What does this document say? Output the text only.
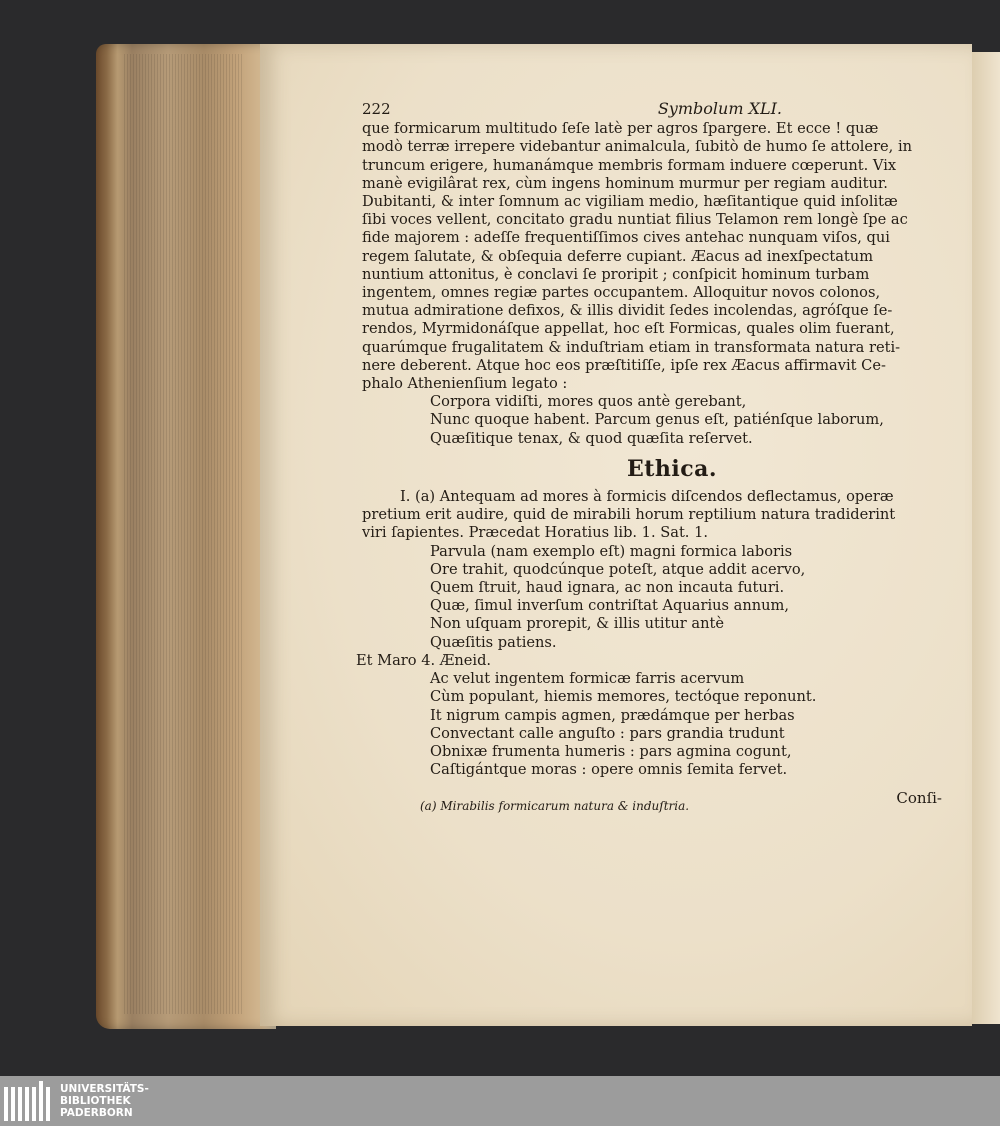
222	Symbolum XLI.
que formicarum multitudo ſeſe latè per agros ſpargere. Et ecce ! quæ
modò terræ irrepere videbantur animalcula, ſubitò de humo ſe attolere, in
truncum erigere, humanámque membris formam induere cœperunt. Vix
manè evigilârat rex, cùm ingens hominum murmur per regiam auditur.
Dubitanti, & inter ſomnum ac vigiliam medio, hæſitantique quid inſolitæ
ſibi voces vellent, concitato gradu nuntiat filius Telamon rem longè ſpe ac
fide majorem : adeſſe frequentiſſimos cives antehac nunquam viſos, qui
regem ſalutate, & obſequia deferre cupiant. Æacus ad inexſpectatum
nuntium attonitus, è conclavi ſe proripit ; conſpicit hominum turbam
ingentem, omnes regiæ partes occupantem. Alloquitur novos colonos,
mutua admiratione defixos, & illis dividit ſedes incolendas, agróſque ſe-
rendos, Myrmidonáſque appellat, hoc eſt Formicas, quales olim fuerant,
quarúmque frugalitatem & induſtriam etiam in transformata natura reti-
nere deberent. Atque hoc eos præſtitiſſe, ipſe rex Æacus affirmavit Ce-
phalo Athenienſium legato :
Corpora vidiſti, mores quos antè gerebant,
Nunc quoque habent. Parcum genus eſt, patiénſque laborum,
Quæſitique tenax, & quod quæſita reſervet.
Ethica.
I. (a) Antequam ad mores à formicis diſcendos deflectamus, operæ
pretium erit audire, quid de mirabili horum reptilium natura tradiderint
viri ſapientes. Præcedat Horatius lib. 1. Sat. 1.
Parvula (nam exemplo eſt) magni formica laboris
Ore trahit, quodcúnque poteſt, atque addit acervo,
Quem ſtruit, haud ignara, ac non incauta futuri.
Quæ, ſimul inverſum contriſtat Aquarius annum,
Non uſquam prorepit, & illis utitur antè
Quæſitis patiens.
Et Maro 4. Æneid.
Ac velut ingentem formicæ farris acervum
Cùm populant, hiemis memores, tectóque reponunt.
It nigrum campis agmen, prædámque per herbas
Convectant calle anguſto : pars grandia trudunt
Obnixæ frumenta humeris : pars agmina cogunt,
Caſtigántque moras : opere omnis ſemita fervet.
(a) Mirabilis formicarum natura & induſtria.	Conſi-
UNIVERSITÄTS-
BIBLIOTHEK
PADERBORN
